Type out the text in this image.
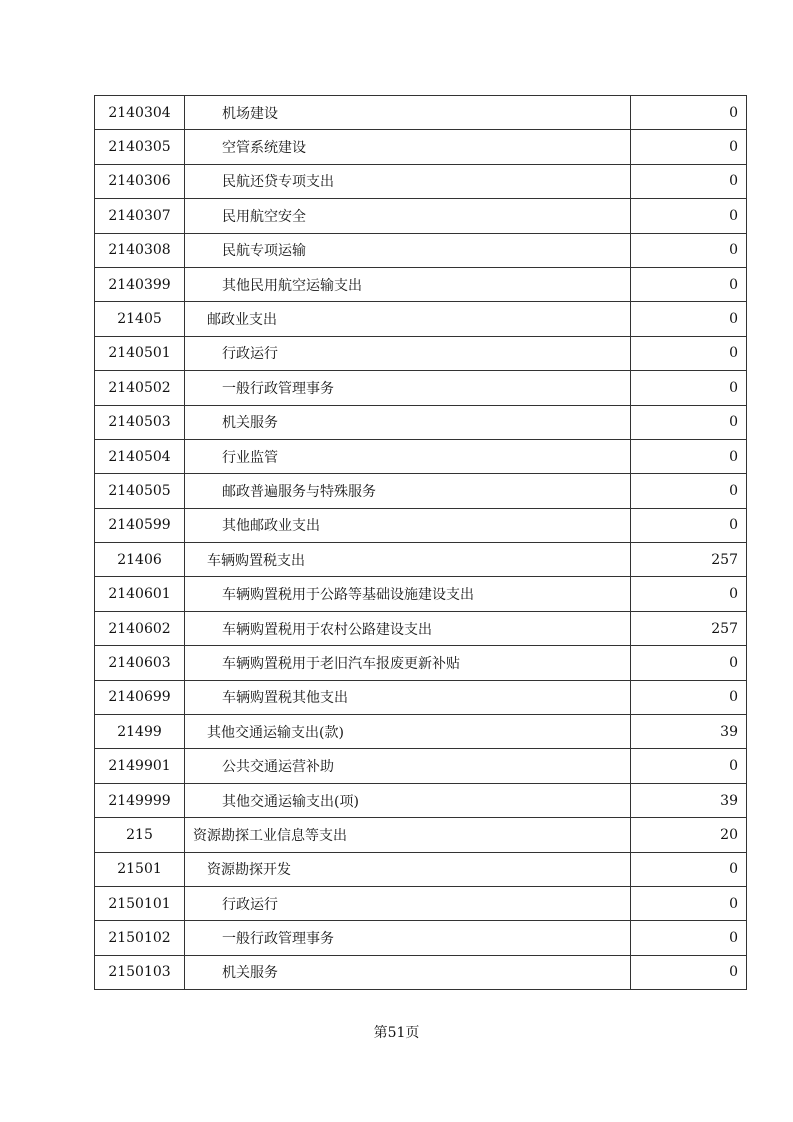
2140304	机场建设	0
2140305	空管系统建设	0
2140306	民航还贷专项支出	0
2140307	民用航空安全	0
2140308	民航专项运输	0
2140399	其他民用航空运输支出	0
21405	邮政业支出	0
2140501	行政运行	0
2140502	一般行政管理事务	0
2140503	机关服务	0
2140504	行业监管	0
2140505	邮政普遍服务与特殊服务	0
2140599	其他邮政业支出	0
21406	车辆购置税支出	257
2140601	车辆购置税用于公路等基础设施建设支出	0
2140602	车辆购置税用于农村公路建设支出	257
2140603	车辆购置税用于老旧汽车报废更新补贴	0
2140699	车辆购置税其他支出	0
21499	其他交通运输支出(款)	39
2149901	公共交通运营补助	0
2149999	其他交通运输支出(项)	39
215	资源勘探工业信息等支出	20
21501	资源勘探开发	0
2150101	行政运行	0
2150102	一般行政管理事务	0
2150103	机关服务	0
第51页
